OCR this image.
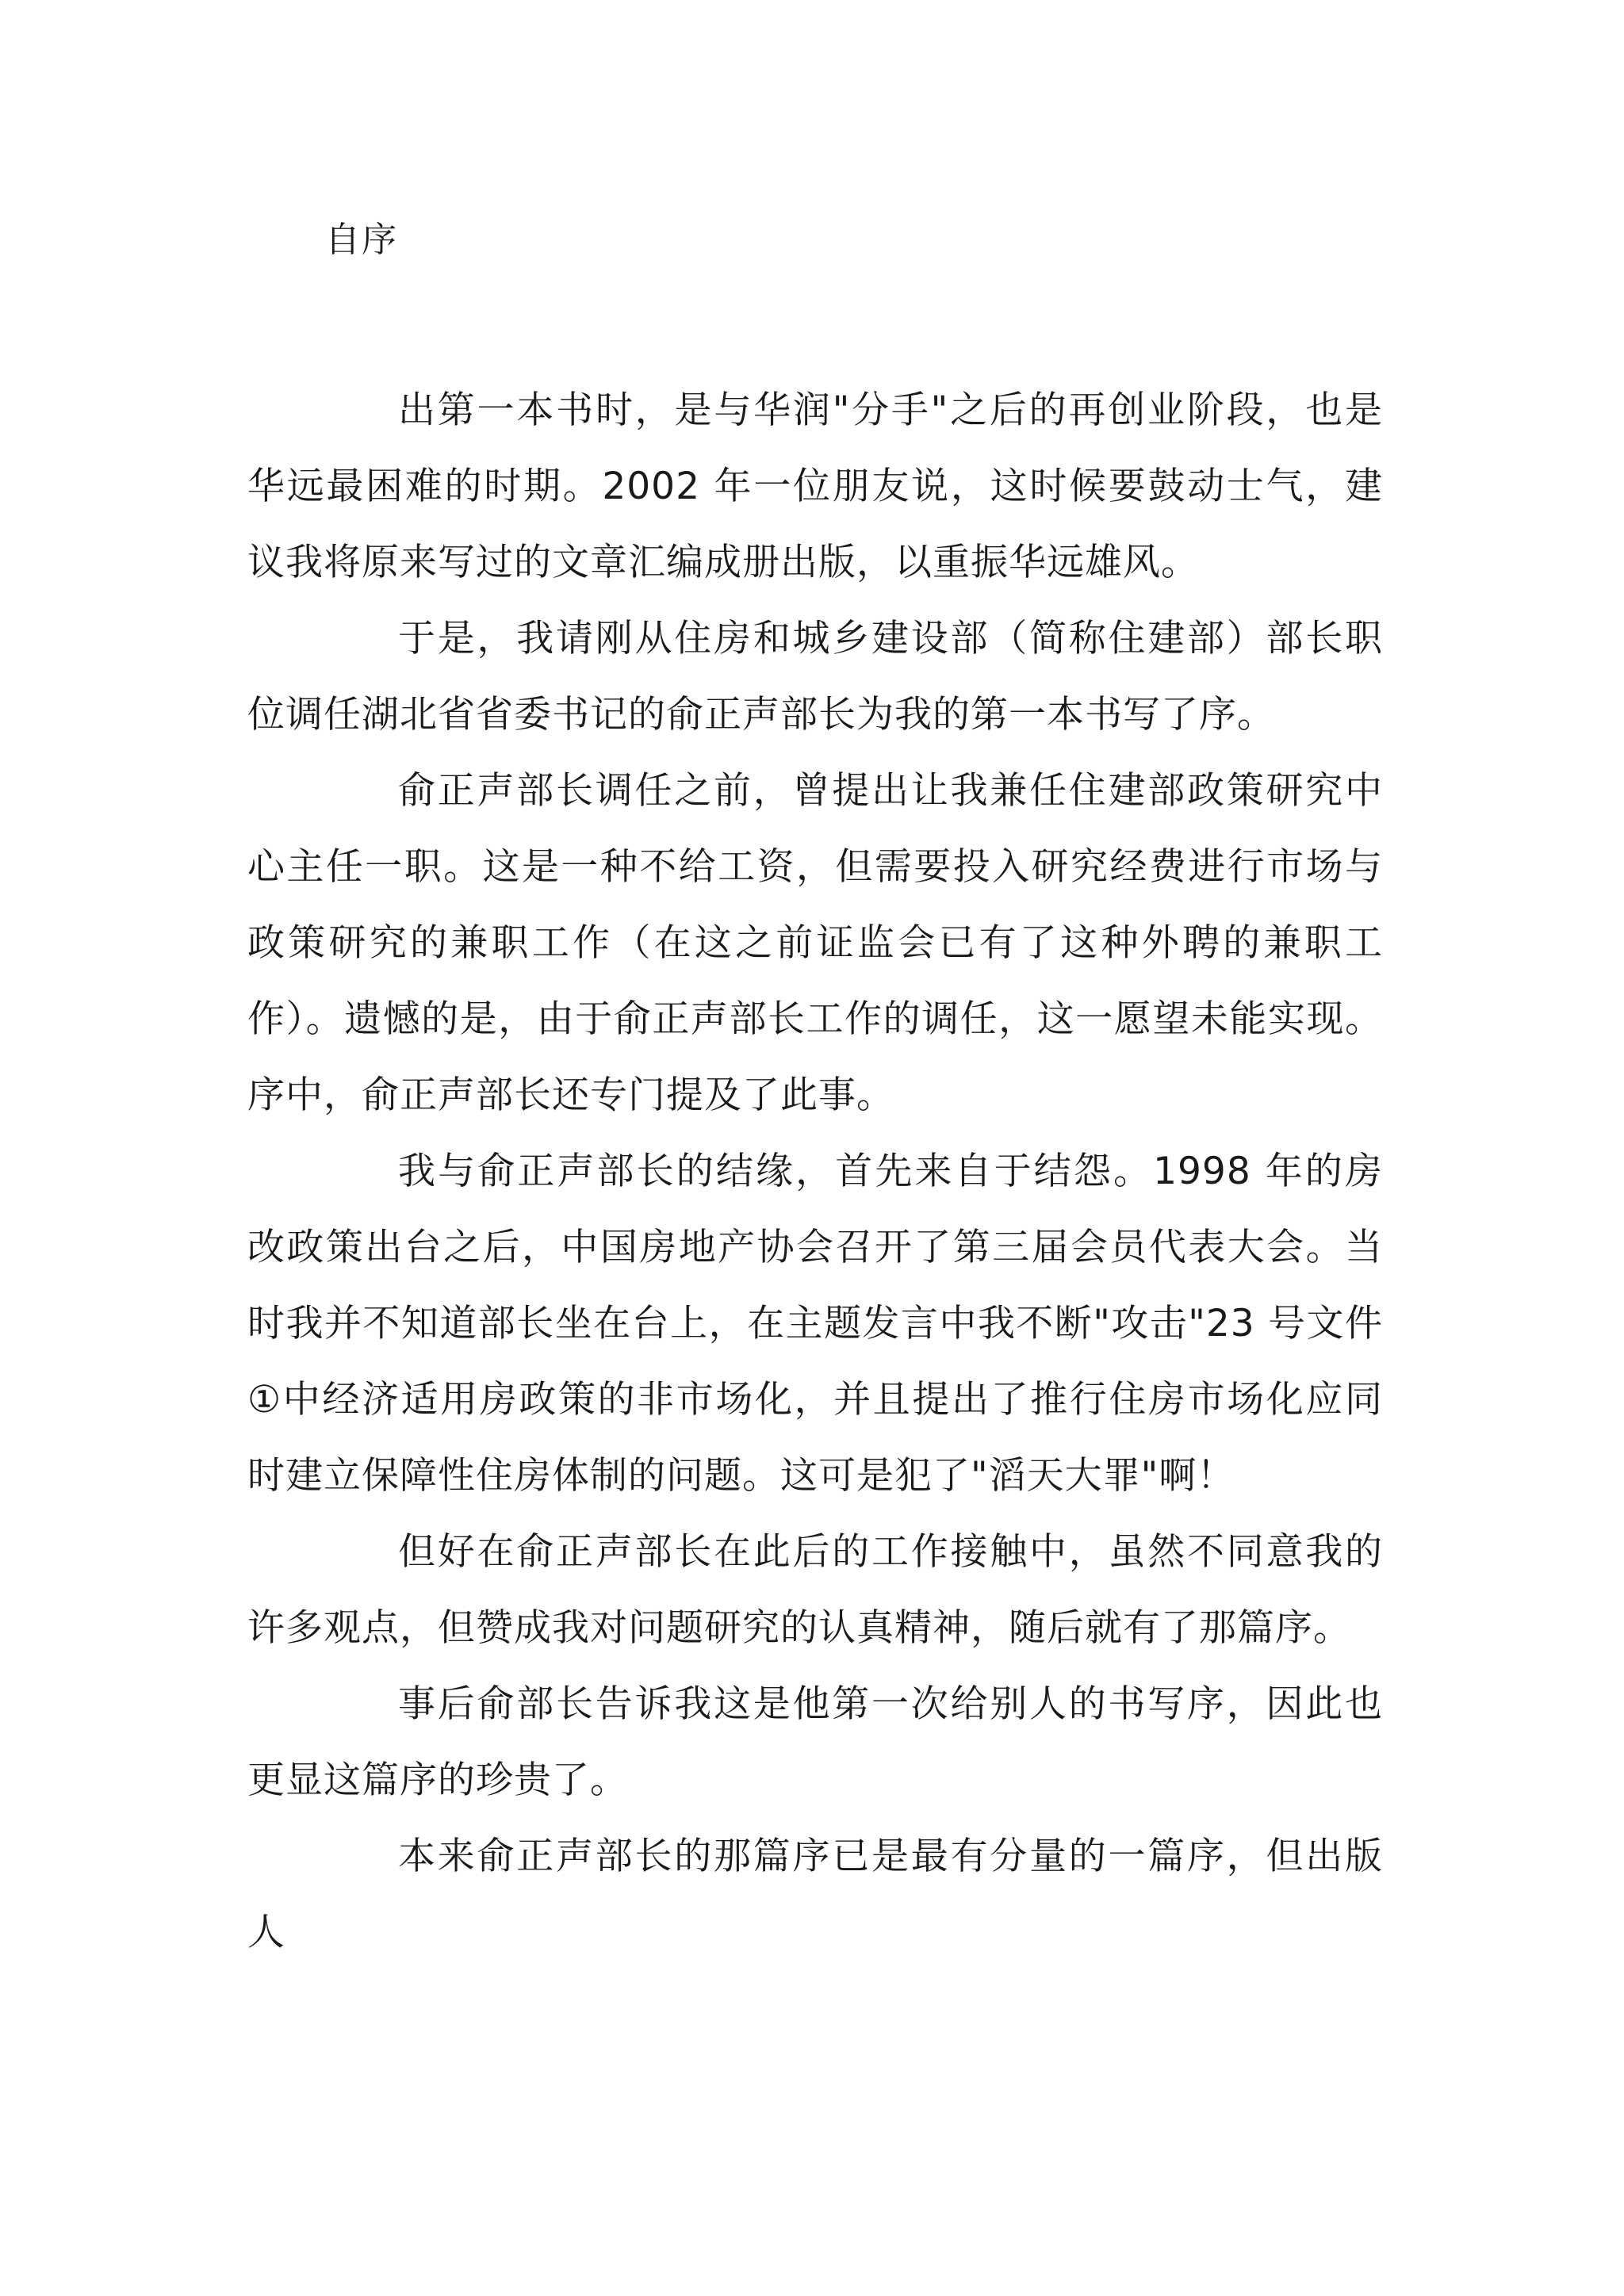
自序

出第一本书时，是与华润"分手"之后的再创业阶段，也是华远最困难的时期。2002 年一位朋友说，这时候要鼓动士气，建议我将原来写过的文章汇编成册出版，以重振华远雄风。

于是，我请刚从住房和城乡建设部（简称住建部）部长职位调任湖北省省委书记的俞正声部长为我的第一本书写了序。

俞正声部长调任之前，曾提出让我兼任住建部政策研究中心主任一职。这是一种不给工资，但需要投入研究经费进行市场与政策研究的兼职工作（在这之前证监会已有了这种外聘的兼职工作）。遗憾的是，由于俞正声部长工作的调任，这一愿望未能实现。序中，俞正声部长还专门提及了此事。

我与俞正声部长的结缘，首先来自于结怨。1998 年的房改政策出台之后，中国房地产协会召开了第三届会员代表大会。当时我并不知道部长坐在台上，在主题发言中我不断"攻击"23 号文件①中经济适用房政策的非市场化，并且提出了推行住房市场化应同时建立保障性住房体制的问题。这可是犯了"滔天大罪"啊！

但好在俞正声部长在此后的工作接触中，虽然不同意我的许多观点，但赞成我对问题研究的认真精神，随后就有了那篇序。

事后俞部长告诉我这是他第一次给别人的书写序，因此也更显这篇序的珍贵了。

本来俞正声部长的那篇序已是最有分量的一篇序，但出版人
